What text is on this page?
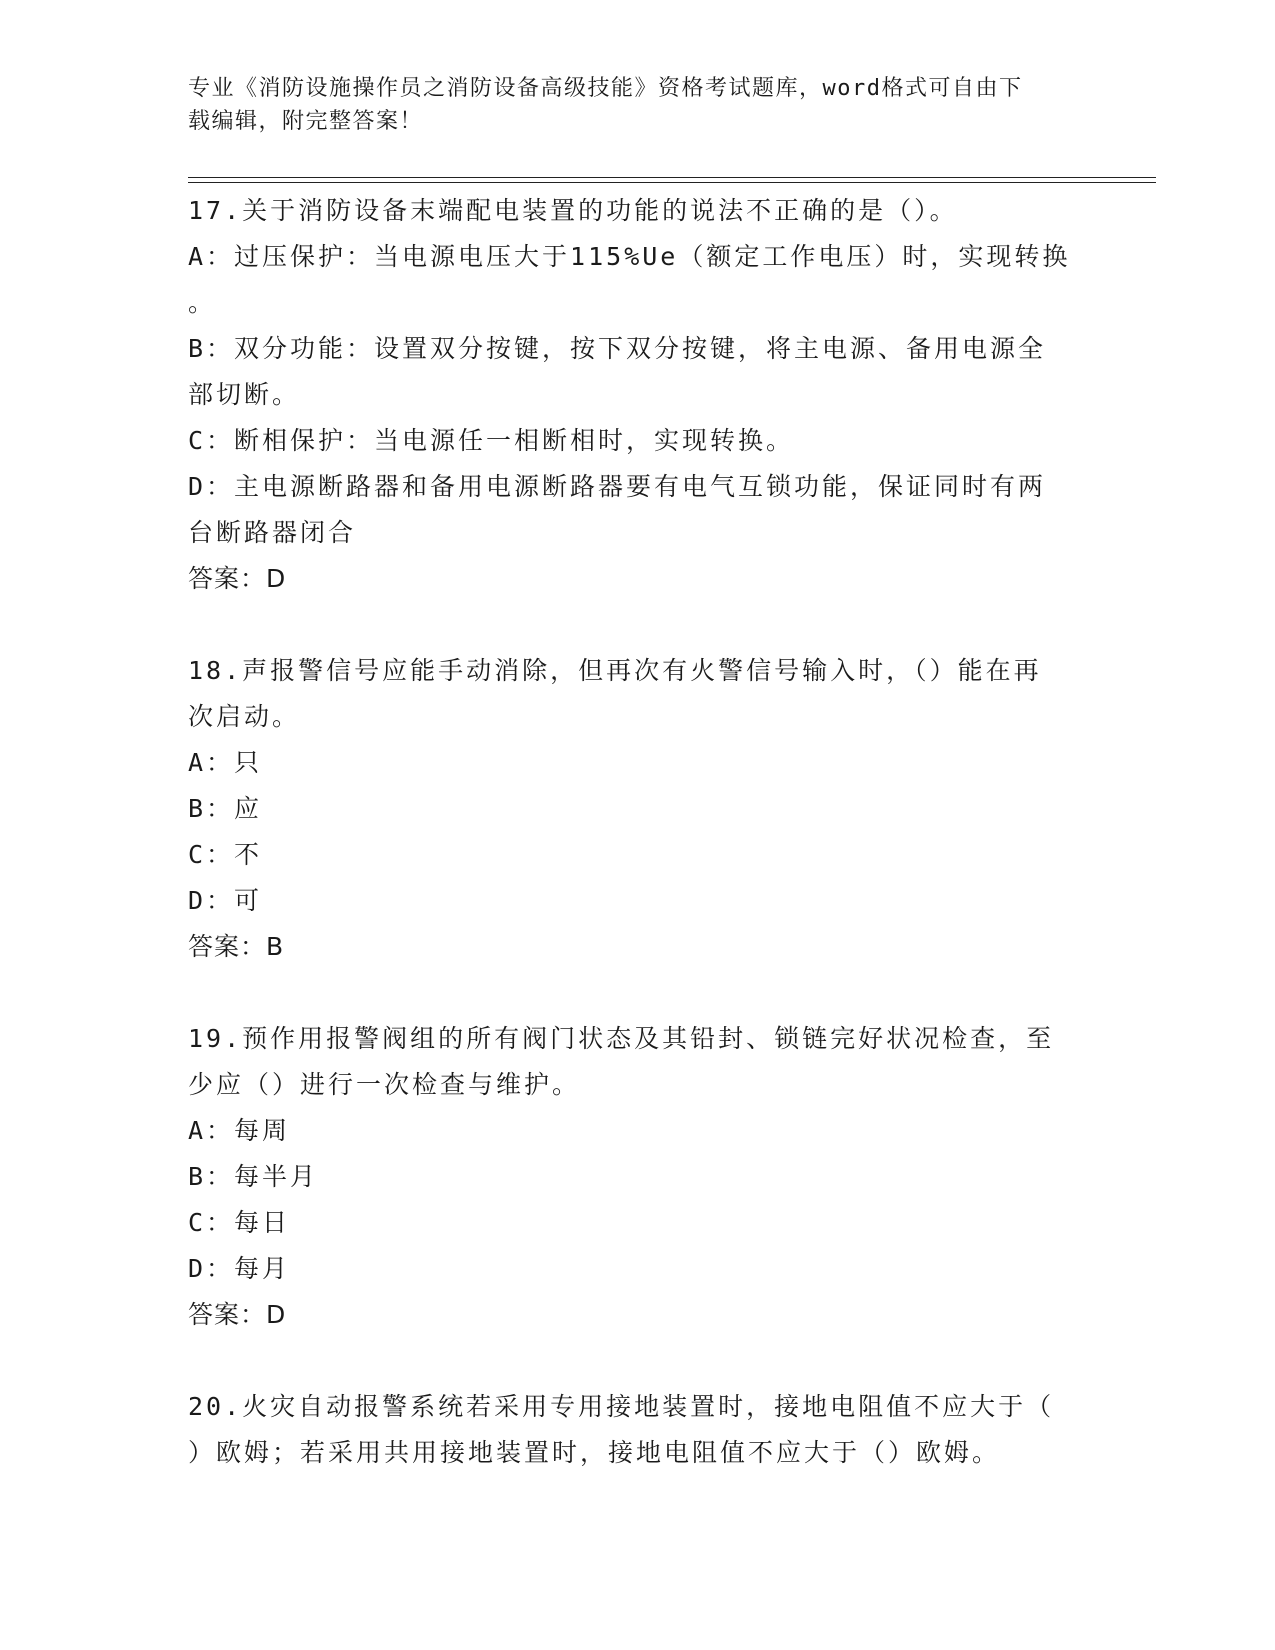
专业《消防设施操作员之消防设备高级技能》资格考试题库，word格式可自由下
载编辑，附完整答案！
17.关于消防设备末端配电装置的功能的说法不正确的是（）。
A：过压保护：当电源电压大于115%Ue（额定工作电压）时，实现转换
。
B：双分功能：设置双分按键，按下双分按键，将主电源、备用电源全
部切断。
C：断相保护：当电源任一相断相时，实现转换。
D：主电源断路器和备用电源断路器要有电气互锁功能，保证同时有两
台断路器闭合
答案：D
18.声报警信号应能手动消除，但再次有火警信号输入时，（）能在再
次启动。
A：只
B：应
C：不
D：可
答案：B
19.预作用报警阀组的所有阀门状态及其铅封、锁链完好状况检查，至
少应（）进行一次检查与维护。
A：每周
B：每半月
C：每日
D：每月
答案：D
20.火灾自动报警系统若采用专用接地装置时，接地电阻值不应大于（
）欧姆；若采用共用接地装置时，接地电阻值不应大于（）欧姆。
